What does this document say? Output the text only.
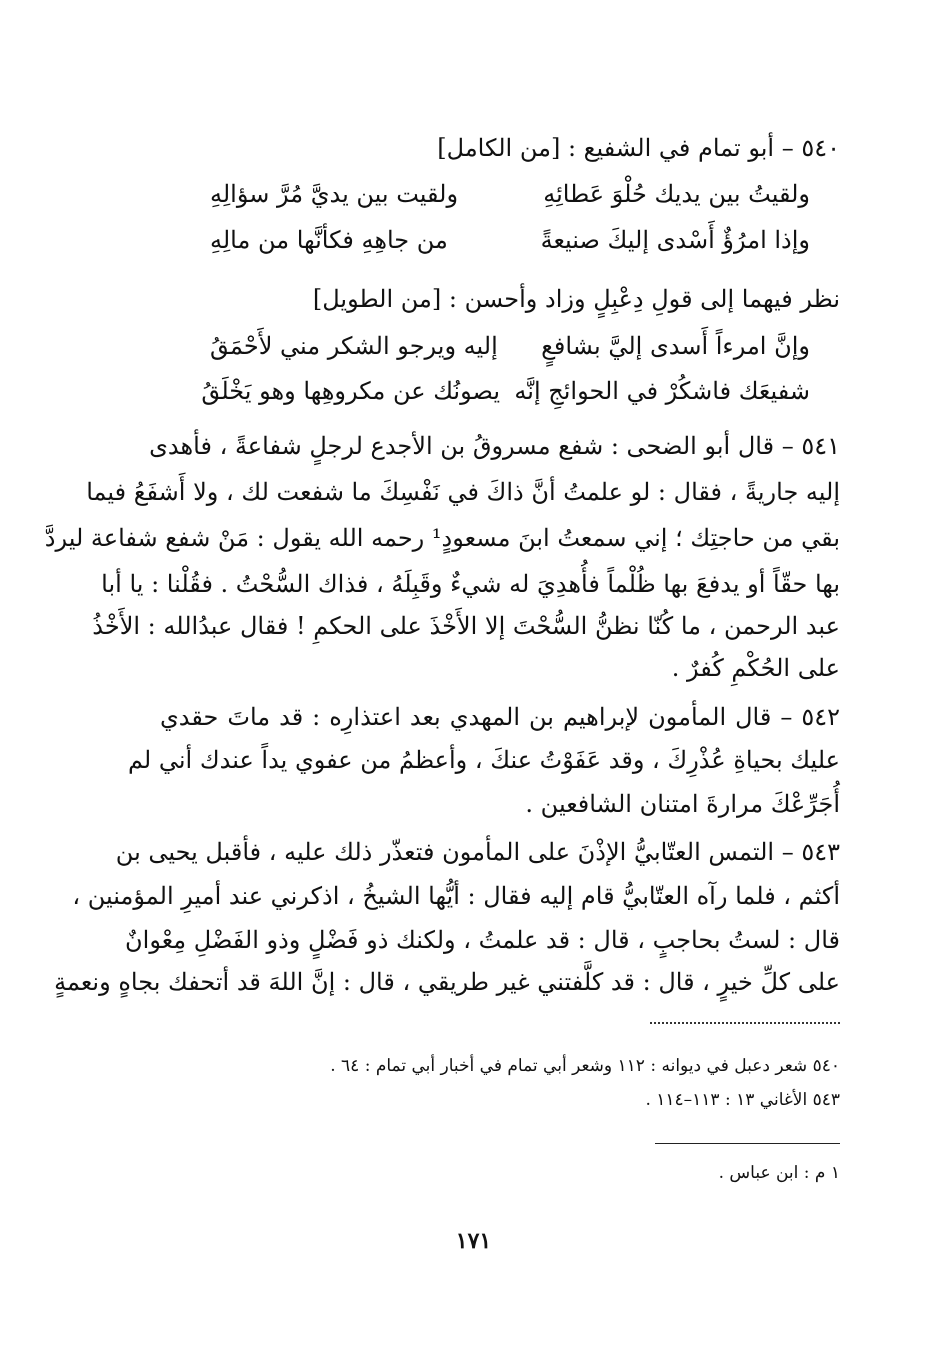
٥٤٠ – أبو تمام في الشفيع : [من الكامل]
ولقيتُ بين يديك حُلْوَ عَطائِهِ
ولقيت بين يديَّ مُرَّ سؤالِهِ
وإذا امرُؤٌ أَسْدى إليكَ صنيعةً
من جاهِهِ فكأنَّها من مالِهِ
نظر فيهما إلى قولِ دِعْبِلٍ وزاد وأحسن : [من الطويل]
وإنَّ امرءاً أَسدى إليَّ بشافعٍ
إليه ويرجو الشكر مني لأَحْمَقُ
شفيعَك فاشكُرْ في الحوائجِ إنَّه
يصونُك عن مكروهِها وهو يَخْلَقُ
٥٤١ – قال أبو الضحى : شفع مسروقُ بن الأجدع لرجلٍ شفاعةً ، فأهدى
إليه جاريةً ، فقال : لو علمتُ أنَّ ذاكَ في نَفْسِكَ ما شفعت لك ، ولا أَشفَعُ فيما
بقي من حاجتِك ؛ إني سمعتُ ابنَ مسعودٍ¹ رحمه الله يقول : مَنْ شفع شفاعة ليردَّ
بها حقّاً أو يدفعَ بها ظُلْماً فأُهدِيَ له شيءٌ وقَبِلَهُ ، فذاك السُّحْتُ . فقُلْنا : يا أبا
عبد الرحمن ، ما كُنّا نظنُّ السُّحْتَ إلا الأَخْذَ على الحكمِ ! فقال عبدُالله : الأَخْذُ
على الحُكْمِ كُفرٌ .
٥٤٢ – قال المأمون لإبراهيم بن المهدي بعد اعتذارِه : قد ماتَ حقدي
عليك بحياةِ عُذْرِكَ ، وقد عَفَوْتُ عنكَ ، وأعظمُ من عفوي يداً عندك أني لم
أُجَرِّعْكَ مرارةَ امتنان الشافعين .
٥٤٣ – التمس العتّابيُّ الإذْنَ على المأمون فتعذّر ذلك عليه ، فأقبل يحيى بن
أكثم ، فلما رآه العتّابيُّ قام إليه فقال : أيُّها الشيخُ ، اذكرني عند أميرِ المؤمنين ،
قال : لستُ بحاجبٍ ، قال : قد علمتُ ، ولكنك ذو فَضْلٍ وذو الفَضْلِ مِعْوانٌ
على كلِّ خيرٍ ، قال : قد كلَّفتني غير طريقي ، قال : إنَّ اللهَ قد أتحفك بجاهٍ ونعمةٍ
٥٤٠ شعر دعبل في ديوانه : ١١٢ وشعر أبي تمام في أخبار أبي تمام : ٦٤ .
٥٤٣ الأغاني ١٣ : ١١٣–١١٤ .
١ م : ابن عباس .
١٧١
